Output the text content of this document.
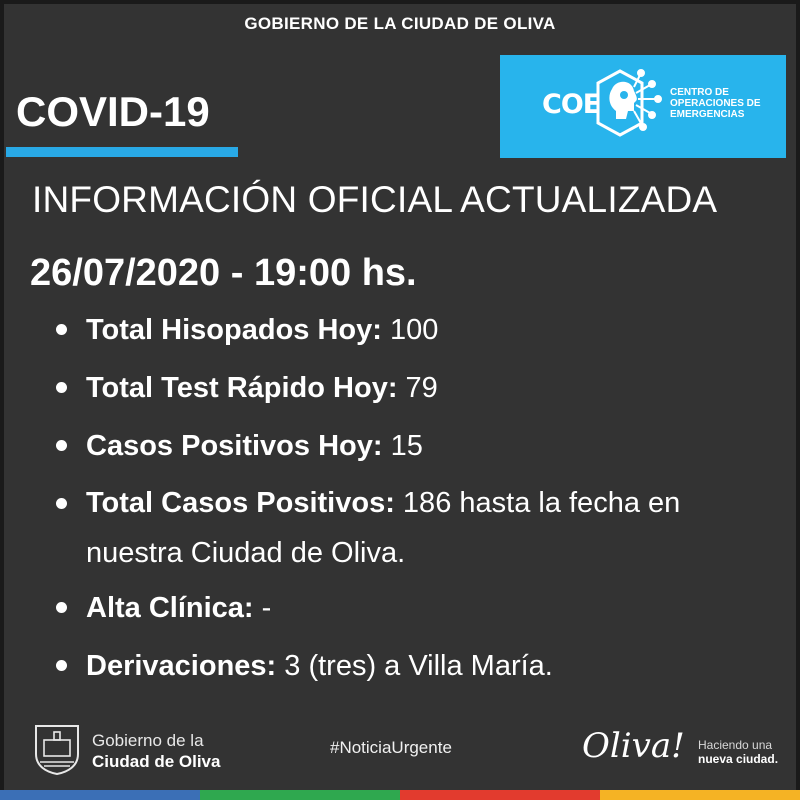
GOBIERNO DE LA CIUDAD DE OLIVA
COVID-19	COE	CENTRO DE
OPERACIONES DE
EMERGENCIAS
INFORMACIÓN OFICIAL ACTUALIZADA
26/07/2020 - 19:00 hs.
Total Hisopados Hoy: 100
Total Test Rápido Hoy: 79
Casos Positivos Hoy: 15
Total Casos Positivos: 186 hasta la fecha en nuestra Ciudad de Oliva.
Alta Clínica: -
Derivaciones: 3 (tres) a Villa María.
Gobierno de la
Ciudad de Oliva
#NoticiaUrgente	Oliva! Haciendo una
nueva ciudad.
